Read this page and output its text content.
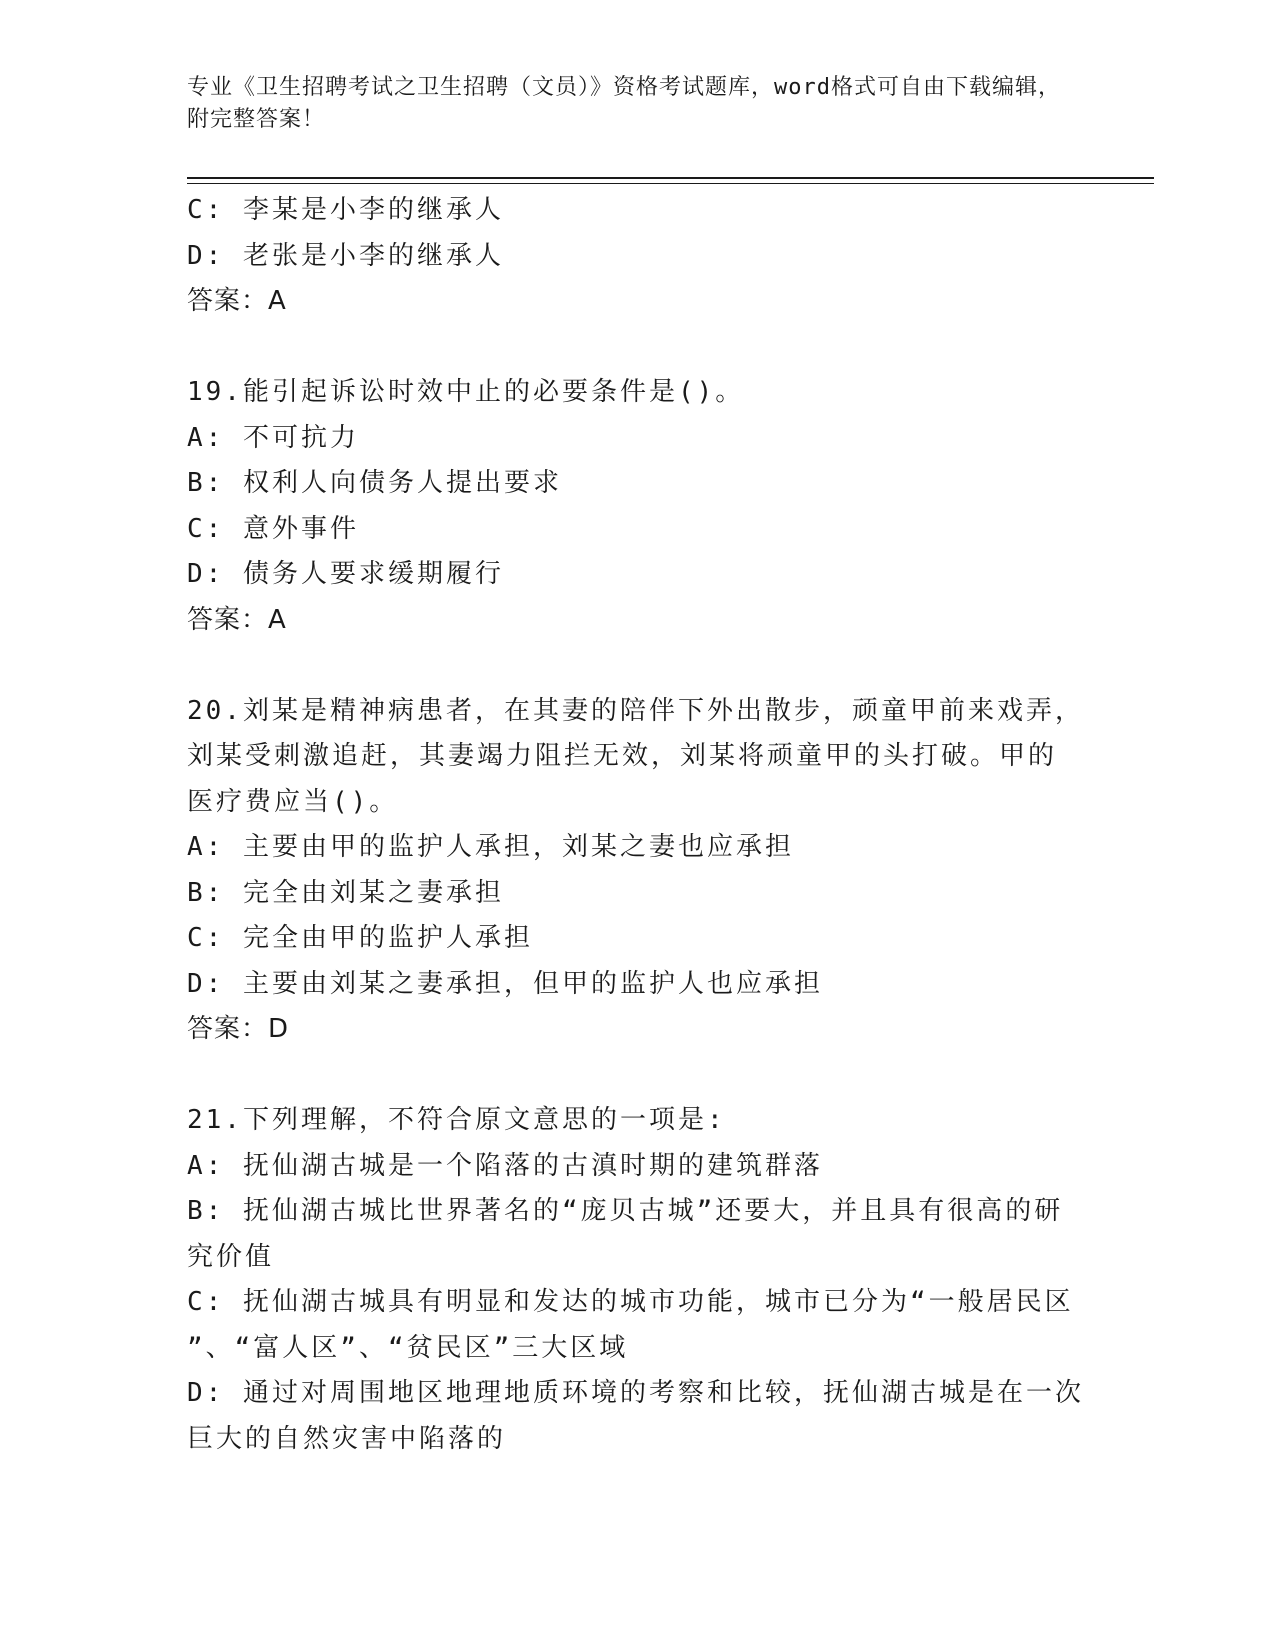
专业《卫生招聘考试之卫生招聘（文员）》资格考试题库，word格式可自由下载编辑，附完整答案！
C: 李某是小李的继承人
D: 老张是小李的继承人
答案：A
19.能引起诉讼时效中止的必要条件是()。
A: 不可抗力
B: 权利人向债务人提出要求
C: 意外事件
D: 债务人要求缓期履行
答案：A
20.刘某是精神病患者，在其妻的陪伴下外出散步，顽童甲前来戏弄，
刘某受刺激追赶，其妻竭力阻拦无效，刘某将顽童甲的头打破。甲的
医疗费应当()。
A: 主要由甲的监护人承担，刘某之妻也应承担
B: 完全由刘某之妻承担
C: 完全由甲的监护人承担
D: 主要由刘某之妻承担，但甲的监护人也应承担
答案：D
21.下列理解，不符合原文意思的一项是:
A: 抚仙湖古城是一个陷落的古滇时期的建筑群落
B: 抚仙湖古城比世界著名的“庞贝古城”还要大，并且具有很高的研
究价值
C: 抚仙湖古城具有明显和发达的城市功能，城市已分为“一般居民区
”、“富人区”、“贫民区”三大区域
D: 通过对周围地区地理地质环境的考察和比较，抚仙湖古城是在一次
巨大的自然灾害中陷落的
